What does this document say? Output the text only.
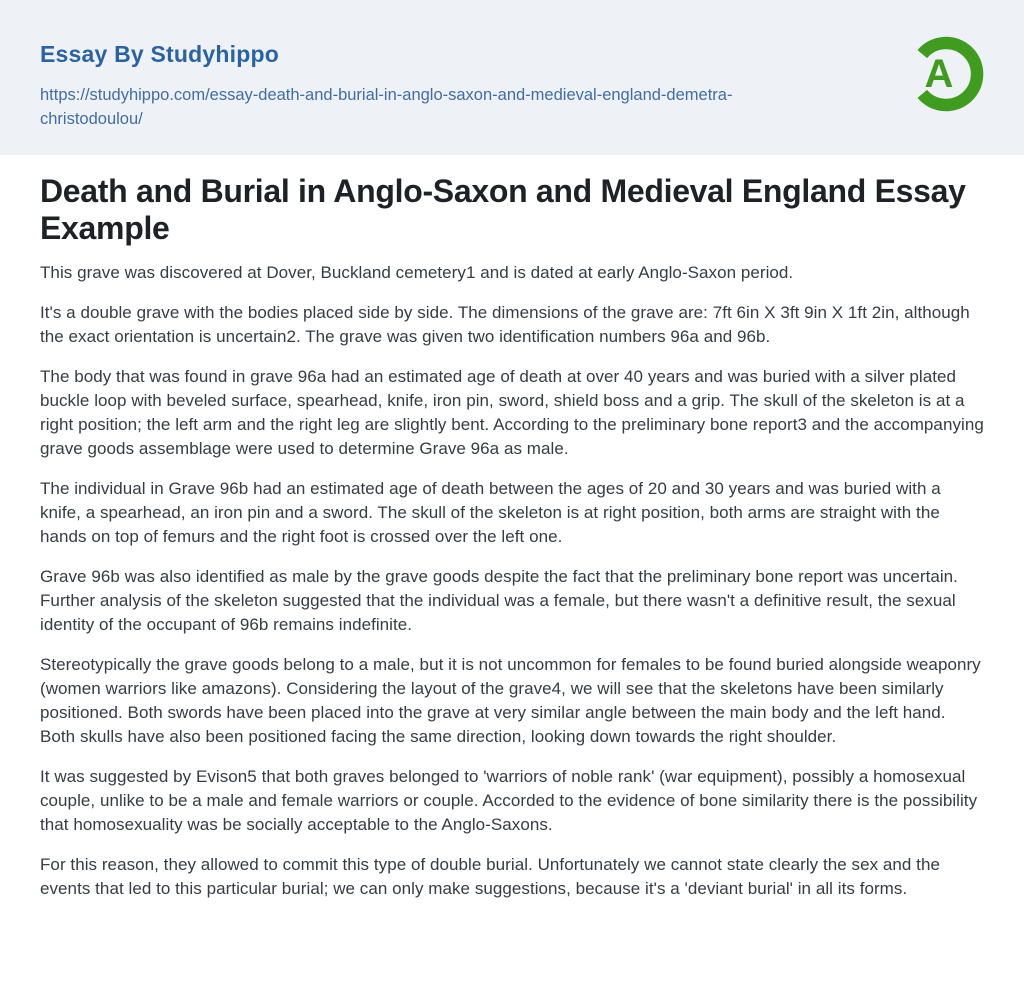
Essay By Studyhippo
https://studyhippo.com/essay-death-and-burial-in-anglo-saxon-and-medieval-england-demetra-christodoulou/
A
Death and Burial in Anglo-Saxon and Medieval England Essay Example

This grave was discovered at Dover, Buckland cemetery1 and is dated at early Anglo-Saxon period.

It's a double grave with the bodies placed side by side. The dimensions of the grave are: 7ft 6in X 3ft 9in X 1ft 2in, although the exact orientation is uncertain2. The grave was given two identification numbers 96a and 96b.

The body that was found in grave 96a had an estimated age of death at over 40 years and was buried with a silver plated buckle loop with beveled surface, spearhead, knife, iron pin, sword, shield boss and a grip. The skull of the skeleton is at a right position; the left arm and the right leg are slightly bent. According to the preliminary bone report3 and the accompanying grave goods assemblage were used to determine Grave 96a as male.

The individual in Grave 96b had an estimated age of death between the ages of 20 and 30 years and was buried with a knife, a spearhead, an iron pin and a sword. The skull of the skeleton is at right position, both arms are straight with the hands on top of femurs and the right foot is crossed over the left one.

Grave 96b was also identified as male by the grave goods despite the fact that the preliminary bone report was uncertain. Further analysis of the skeleton suggested that the individual was a female, but there wasn't a definitive result, the sexual identity of the occupant of 96b remains indefinite.

Stereotypically the grave goods belong to a male, but it is not uncommon for females to be found buried alongside weaponry (women warriors like amazons). Considering the layout of the grave4, we will see that the skeletons have been similarly positioned. Both swords have been placed into the grave at very similar angle between the main body and the left hand. Both skulls have also been positioned facing the same direction, looking down towards the right shoulder.

It was suggested by Evison5 that both graves belonged to 'warriors of noble rank' (war equipment), possibly a homosexual couple, unlike to be a male and female warriors or couple. Accorded to the evidence of bone similarity there is the possibility that homosexuality was be socially acceptable to the Anglo-Saxons.

For this reason, they allowed to commit this type of double burial. Unfortunately we cannot state clearly the sex and the events that led to this particular burial; we can only make suggestions, because it's a 'deviant burial' in all its forms.
